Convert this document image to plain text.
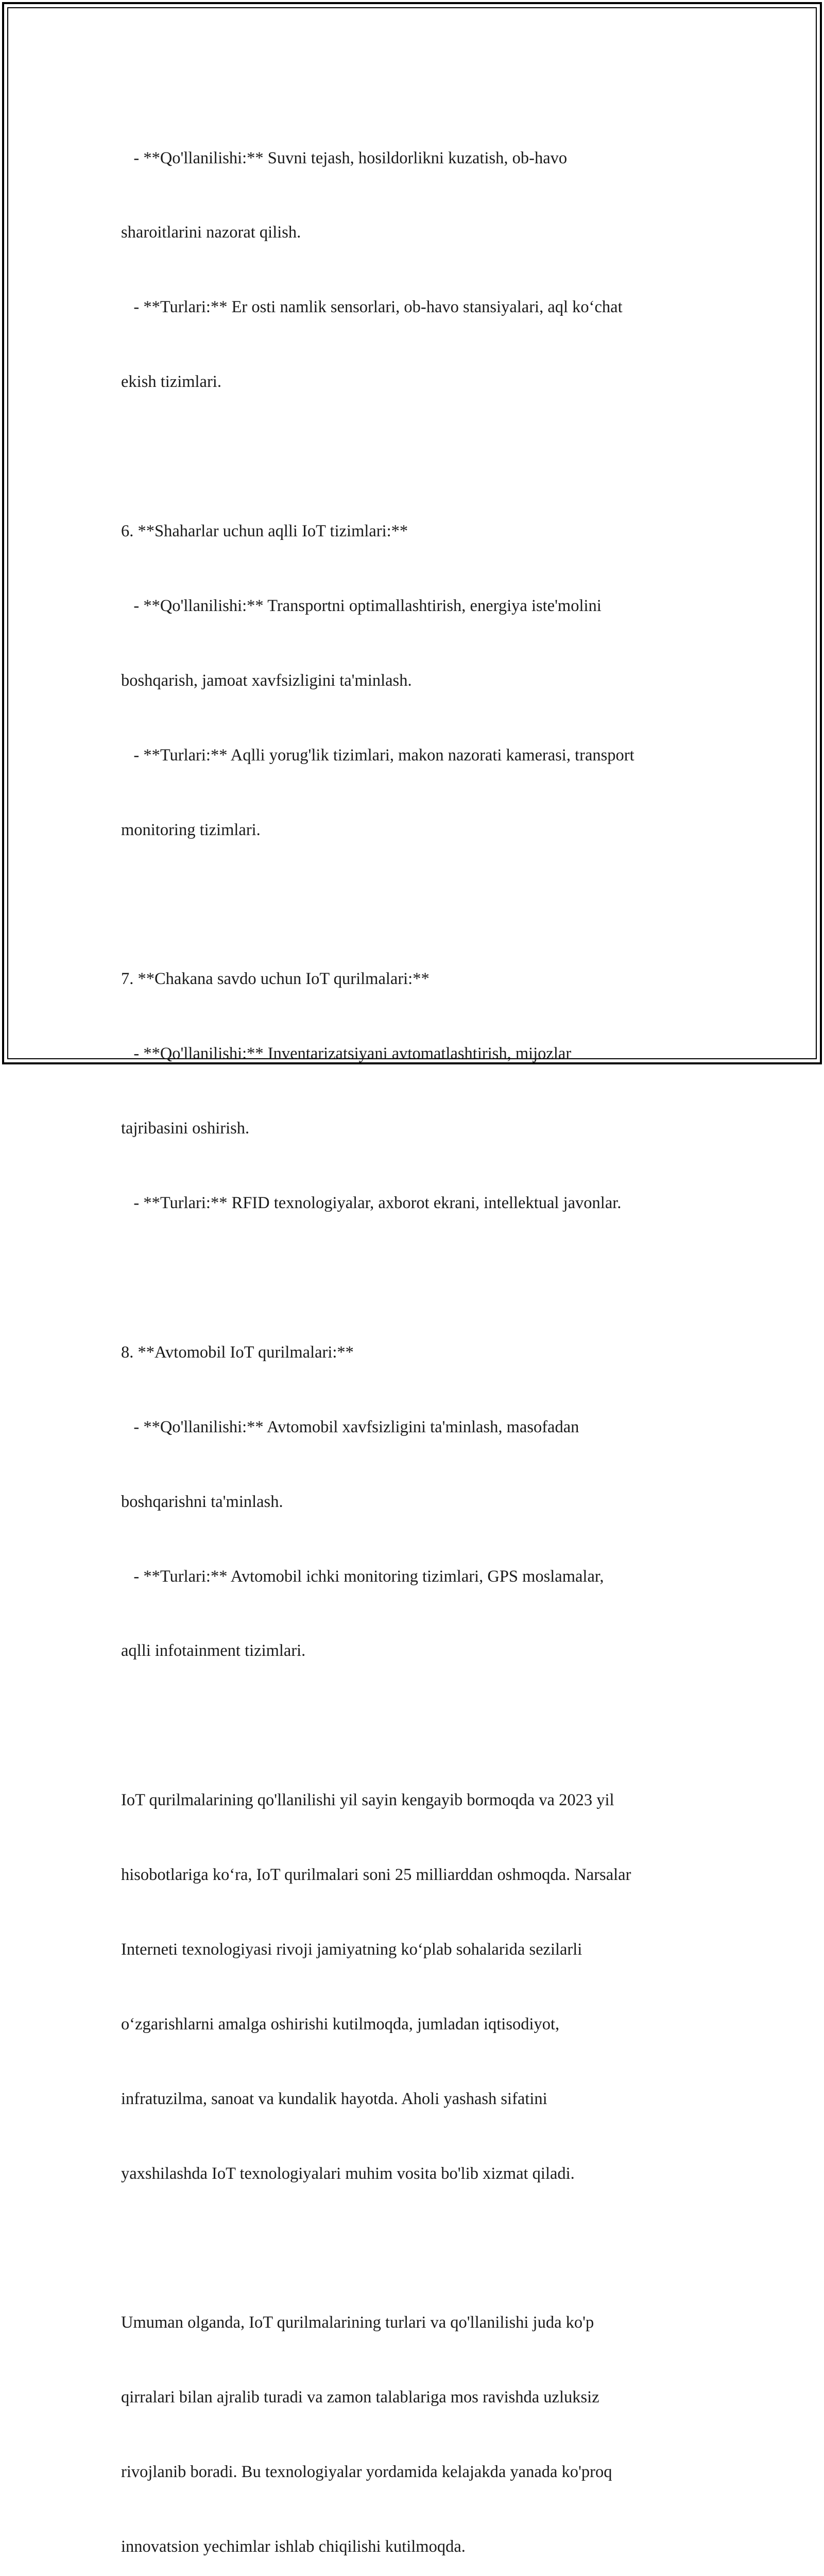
- **Qo'llanilishi:** Suvni tejash, hosildorlikni kuzatish, ob-havo

sharoitlarini nazorat qilish.

- **Turlari:** Er osti namlik sensorlari, ob-havo stansiyalari, aql ko‘chat

ekish tizimlari.

6. **Shaharlar uchun aqlli IoT tizimlari:**

- **Qo'llanilishi:** Transportni optimallashtirish, energiya iste'molini

boshqarish, jamoat xavfsizligini ta'minlash.

- **Turlari:** Aqlli yorug'lik tizimlari, makon nazorati kamerasi, transport

monitoring tizimlari.

7. **Chakana savdo uchun IoT qurilmalari:**

- **Qo'llanilishi:** Inventarizatsiyani avtomatlashtirish, mijozlar

tajribasini oshirish.

- **Turlari:** RFID texnologiyalar, axborot ekrani, intellektual javonlar.

8. **Avtomobil IoT qurilmalari:**

- **Qo'llanilishi:** Avtomobil xavfsizligini ta'minlash, masofadan

boshqarishni ta'minlash.

- **Turlari:** Avtomobil ichki monitoring tizimlari, GPS moslamalar,

aqlli infotainment tizimlari.

IoT qurilmalarining qo'llanilishi yil sayin kengayib bormoqda va 2023 yil

hisobotlariga ko‘ra, IoT qurilmalari soni 25 milliarddan oshmoqda. Narsalar

Interneti texnologiyasi rivoji jamiyatning ko‘plab sohalarida sezilarli

o‘zgarishlarni amalga oshirishi kutilmoqda, jumladan iqtisodiyot,

infratuzilma, sanoat va kundalik hayotda. Aholi yashash sifatini

yaxshilashda IoT texnologiyalari muhim vosita bo'lib xizmat qiladi.

Umuman olganda, IoT qurilmalarining turlari va qo'llanilishi juda ko'p

qirralari bilan ajralib turadi va zamon talablariga mos ravishda uzluksiz

rivojlanib boradi. Bu texnologiyalar yordamida kelajakda yanada ko'proq

innovatsion yechimlar ishlab chiqilishi kutilmoqda.
